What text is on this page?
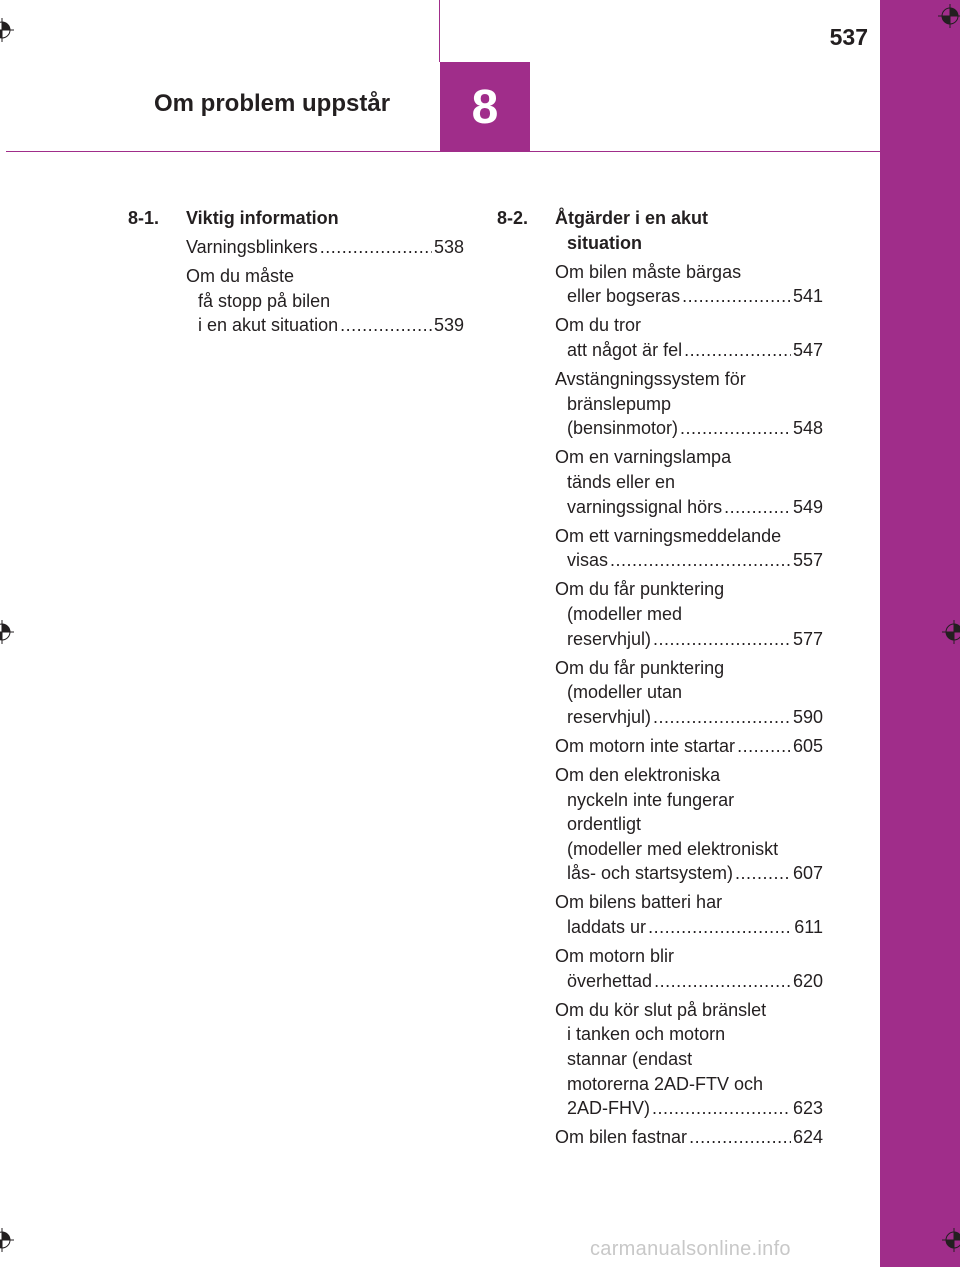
537
Om problem uppstår 8
8-1. Viktig information
Varningsblinkers .....	538
Om du måste
få stopp på bilen
i en akut situation .....	539
8-2. Åtgärder i en akut
situation
Om bilen måste bärgas
eller bogseras .....	541
Om du tror
att något är fel .....	547
Avstängningssystem för
bränslepump
(bensinmotor) .....	548
Om en varningslampa
tänds eller en
varningssignal hörs .....	549
Om ett varningsmeddelande
visas .....	557
Om du får punktering
(modeller med
reservhjul) .....	577
Om du får punktering
(modeller utan
reservhjul) .....	590
Om motorn inte startar .....	605
Om den elektroniska
nyckeln inte fungerar
ordentligt
(modeller med elektroniskt
lås- och startsystem) .....	607
Om bilens batteri har
laddats ur .....	611
Om motorn blir
överhettad .....	620
Om du kör slut på bränslet
i tanken och motorn
stannar (endast
motorerna 2AD-FTV och
2AD-FHV) .....	623
Om bilen fastnar .....	624
carmanualsonline.info
